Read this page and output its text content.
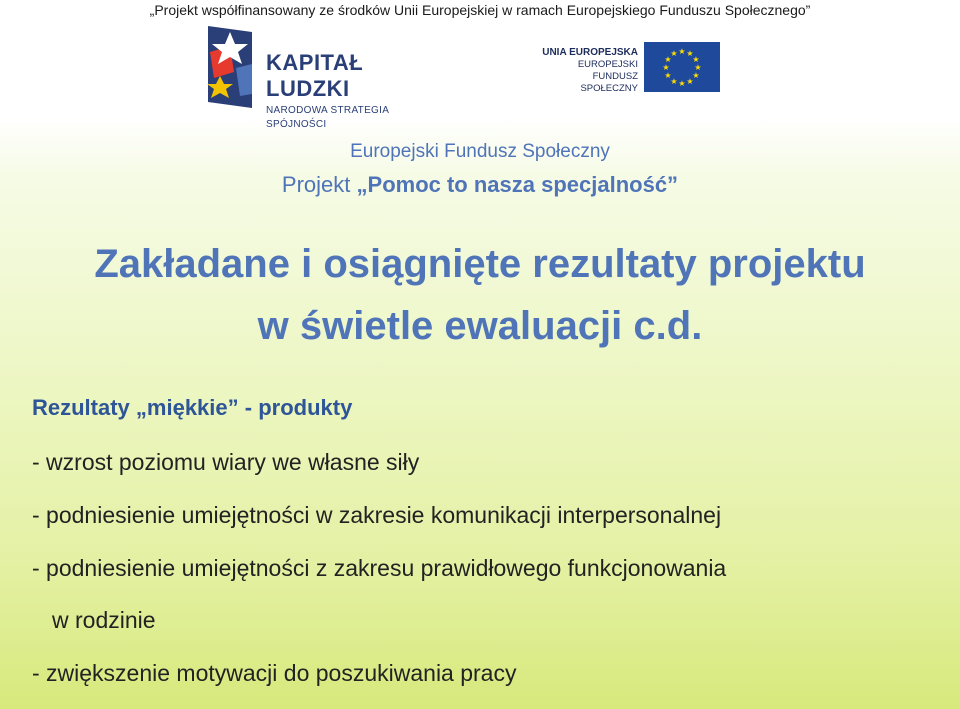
„Projekt współfinansowany ze środków Unii Europejskiej w ramach Europejskiego Funduszu Społecznego”
KAPITAŁ LUDZKI
NARODOWA STRATEGIA SPÓJNOŚCI
UNIA EUROPEJSKA
EUROPEJSKI
FUNDUSZ SPOŁECZNY
★ ★
★
★
★
★
★
★
★
★
★
★
Europejski Fundusz Społeczny
Projekt „Pomoc to nasza specjalność”
Zakładane i osiągnięte rezultaty projektu
w świetle ewaluacji c.d.
Rezultaty „miękkie” - produkty
- wzrost poziomu wiary we własne siły
- podniesienie umiejętności w zakresie komunikacji interpersonalnej
- podniesienie umiejętności z zakresu prawidłowego funkcjonowania
w rodzinie
- zwiększenie motywacji do poszukiwania pracy
